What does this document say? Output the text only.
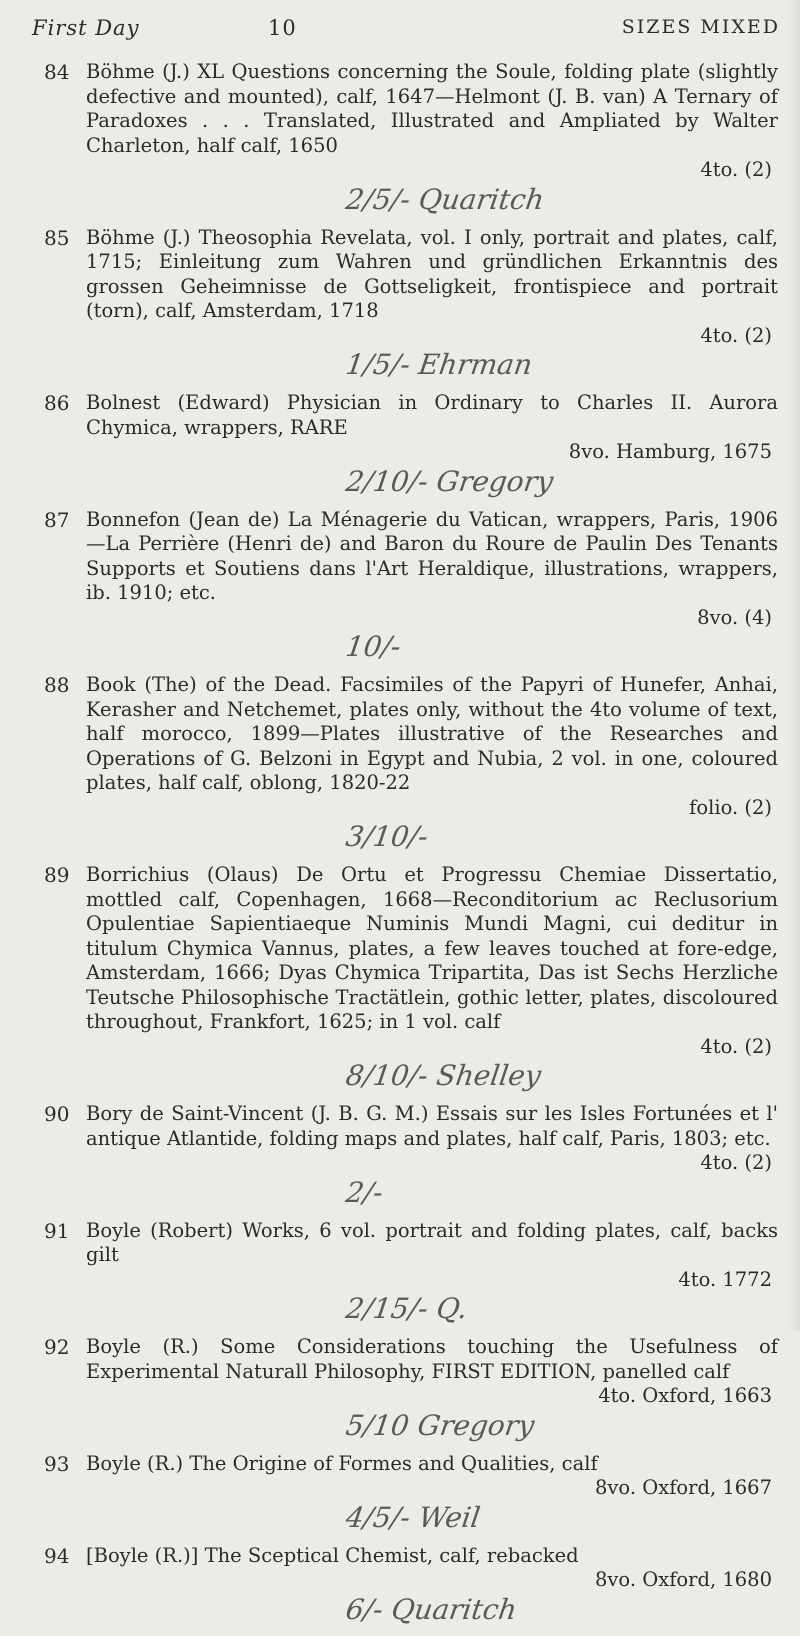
First Day	10	SIZES MIXED
84 Böhme (J.) XL Questions concerning the Soule, folding plate (slightly defective and mounted), calf, 1647—Helmont (J. B. van) A Ternary of Paradoxes . . . Translated, Illustrated and Ampliated by Walter Charleton, half calf, 1650
4to. (2)
2/5/- Quaritch
85 Böhme (J.) Theosophia Revelata, vol. I only, portrait and plates, calf, 1715; Einleitung zum Wahren und gründlichen Erkanntnis des grossen Geheimnisse de Gottseligkeit, frontispiece and portrait (torn), calf, Amsterdam, 1718
4to. (2)
1/5/- Ehrman
86 Bolnest (Edward) Physician in Ordinary to Charles II. Aurora Chymica, wrappers, RARE
8vo. Hamburg, 1675
2/10/- Gregory
87 Bonnefon (Jean de) La Ménagerie du Vatican, wrappers, Paris, 1906—La Perrière (Henri de) and Baron du Roure de Paulin Des Tenants Supports et Soutiens dans l'Art Heraldique, illustrations, wrappers, ib. 1910; etc.
8vo. (4)
10/-
88 Book (The) of the Dead. Facsimiles of the Papyri of Hunefer, Anhai, Kerasher and Netchemet, plates only, without the 4to volume of text, half morocco, 1899—Plates illustrative of the Researches and Operations of G. Belzoni in Egypt and Nubia, 2 vol. in one, coloured plates, half calf, oblong, 1820-22
folio. (2)
3/10/-
89 Borrichius (Olaus) De Ortu et Progressu Chemiae Dissertatio, mottled calf, Copenhagen, 1668—Reconditorium ac Reclusorium Opulentiae Sapientiaeque Numinis Mundi Magni, cui deditur in titulum Chymica Vannus, plates, a few leaves touched at fore-edge, Amsterdam, 1666; Dyas Chymica Tripartita, Das ist Sechs Herzliche Teutsche Philosophische Tractätlein, gothic letter, plates, discoloured throughout, Frankfort, 1625; in 1 vol. calf
4to. (2)
8/10/- Shelley
90 Bory de Saint-Vincent (J. B. G. M.) Essais sur les Isles Fortunées et l' antique Atlantide, folding maps and plates, half calf, Paris, 1803; etc.
4to. (2)
2/-
91 Boyle (Robert) Works, 6 vol. portrait and folding plates, calf, backs gilt
4to. 1772
2/15/- Q.
92 Boyle (R.) Some Considerations touching the Usefulness of Experimental Naturall Philosophy, FIRST EDITION, panelled calf
4to. Oxford, 1663
5/10 Gregory
93 Boyle (R.) The Origine of Formes and Qualities, calf
8vo. Oxford, 1667
4/5/- Weil
94 [Boyle (R.)] The Sceptical Chemist, calf, rebacked
8vo. Oxford, 1680
6/- Quaritch
